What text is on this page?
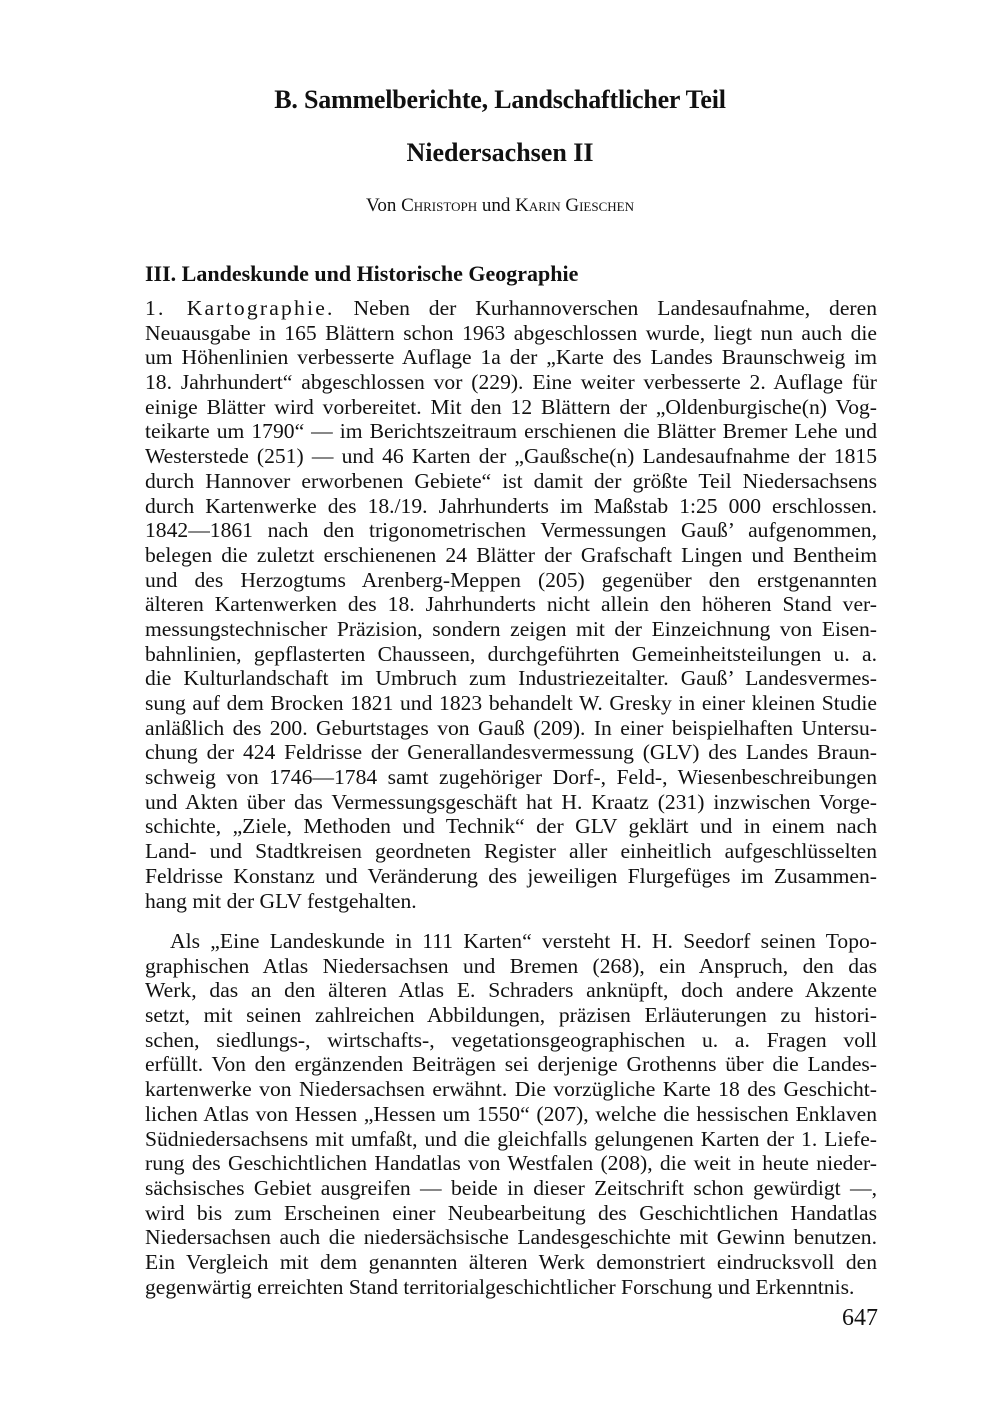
B. Sammelberichte, Landschaftlicher Teil
Niedersachsen II
Von Christoph und Karin Gieschen
III. Landeskunde und Historische Geographie
1. Kartographie. Neben der Kurhannoverschen Landesaufnahme, deren
Neuausgabe in 165 Blättern schon 1963 abgeschlossen wurde, liegt nun auch die
um Höhenlinien verbesserte Auflage 1a der „Karte des Landes Braunschweig im
18. Jahrhundert“ abgeschlossen vor (229). Eine weiter verbesserte 2. Auflage für
einige Blätter wird vorbereitet. Mit den 12 Blättern der „Oldenburgische(n) Vog-
teikarte um 1790“ — im Berichtszeitraum erschienen die Blätter Bremer Lehe und
Westerstede (251) — und 46 Karten der „Gaußsche(n) Landesaufnahme der 1815
durch Hannover erworbenen Gebiete“ ist damit der größte Teil Niedersachsens
durch Kartenwerke des 18./19. Jahrhunderts im Maßstab 1:25 000 erschlossen.
1842—1861 nach den trigonometrischen Vermessungen Gauß’ aufgenommen,
belegen die zuletzt erschienenen 24 Blätter der Grafschaft Lingen und Bentheim
und des Herzogtums Arenberg-Meppen (205) gegenüber den erstgenannten
älteren Kartenwerken des 18. Jahrhunderts nicht allein den höheren Stand ver-
messungstechnischer Präzision, sondern zeigen mit der Einzeichnung von Eisen-
bahnlinien, gepflasterten Chausseen, durchgeführten Gemeinheitsteilungen u. a.
die Kulturlandschaft im Umbruch zum Industriezeitalter. Gauß’ Landesvermes-
sung auf dem Brocken 1821 und 1823 behandelt W. Gresky in einer kleinen Studie
anläßlich des 200. Geburtstages von Gauß (209). In einer beispielhaften Untersu-
chung der 424 Feldrisse der Generallandesvermessung (GLV) des Landes Braun-
schweig von 1746—1784 samt zugehöriger Dorf-, Feld-, Wiesenbeschreibungen
und Akten über das Vermessungsgeschäft hat H. Kraatz (231) inzwischen Vorge-
schichte, „Ziele, Methoden und Technik“ der GLV geklärt und in einem nach
Land- und Stadtkreisen geordneten Register aller einheitlich aufgeschlüsselten
Feldrisse Konstanz und Veränderung des jeweiligen Flurgefüges im Zusammen-
hang mit der GLV festgehalten.
Als „Eine Landeskunde in 111 Karten“ versteht H. H. Seedorf seinen Topo-
graphischen Atlas Niedersachsen und Bremen (268), ein Anspruch, den das
Werk, das an den älteren Atlas E. Schraders anknüpft, doch andere Akzente
setzt, mit seinen zahlreichen Abbildungen, präzisen Erläuterungen zu histori-
schen, siedlungs-, wirtschafts-, vegetationsgeographischen u. a. Fragen voll
erfüllt. Von den ergänzenden Beiträgen sei derjenige Grothenns über die Landes-
kartenwerke von Niedersachsen erwähnt. Die vorzügliche Karte 18 des Geschicht-
lichen Atlas von Hessen „Hessen um 1550“ (207), welche die hessischen Enklaven
Südniedersachsens mit umfaßt, und die gleichfalls gelungenen Karten der 1. Liefe-
rung des Geschichtlichen Handatlas von Westfalen (208), die weit in heute nieder-
sächsisches Gebiet ausgreifen — beide in dieser Zeitschrift schon gewürdigt —,
wird bis zum Erscheinen einer Neubearbeitung des Geschichtlichen Handatlas
Niedersachsen auch die niedersächsische Landesgeschichte mit Gewinn benutzen.
Ein Vergleich mit dem genannten älteren Werk demonstriert eindrucksvoll den
gegenwärtig erreichten Stand territorialgeschichtlicher Forschung und Erkenntnis.
647
